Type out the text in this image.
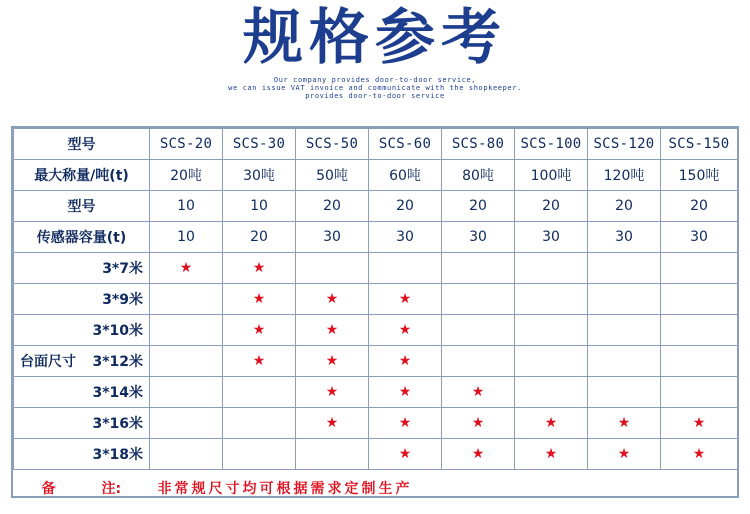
规格参考
Our company provides door-to-door service,
we can issue VAT invoice and communicate with the shopkeeper.
provides door-to-door service
型号	SCS-20	SCS-30	SCS-50	SCS-60	SCS-80	SCS-100	SCS-120	SCS-150
最大称量/吨(t)	20吨	30吨	50吨	60吨	80吨	100吨	120吨	150吨
型号	10	10	20	20	20	20	20	20
传感器容量(t)	10	20	30	30	30	30	30	30
3*7米	★	★						
3*9米		★	★	★				
3*10米		★	★	★				

台面尺寸 3*12米		★	★	★				
3*14米			★	★	★			
3*16米			★	★	★	★	★	★
3*18米				★	★	★	★	★
备 注: 非常规尺寸均可根据需求定制生产								
